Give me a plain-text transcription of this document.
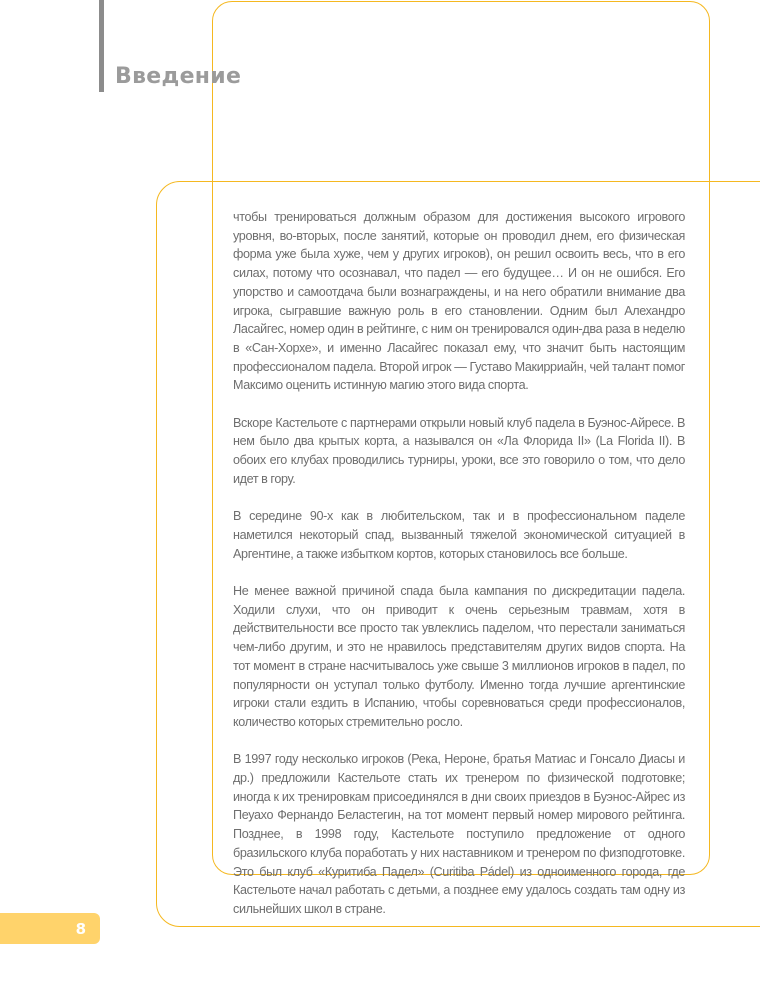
Введение

чтобы тренироваться должным образом для достижения высокого игрового уровня, во-вторых, после занятий, которые он проводил днем, его физическая форма уже была хуже, чем у других игроков), он решил освоить весь, что в его силах, потому что осознавал, что падел — его будущее… И он не ошибся. Его упорство и самоотдача были вознаграждены, и на него обратили внимание два игрока, сыгравшие важную роль в его становлении. Одним был Алехандро Ласайгес, номер один в рейтинге, с ним он тренировался один-два раза в неделю в «Сан-Хорхе», и именно Ласайгес показал ему, что значит быть настоящим профессионалом падела. Второй игрок — Густаво Макирриайн, чей талант помог Максимо оценить истинную магию этого вида спорта.

Вскоре Кастельоте с партнерами открыли новый клуб падела в Буэнос-Айресе. В нем было два крытых корта, а назывался он «Ла Флорида II» (La Florida II). В обоих его клубах проводились турниры, уроки, все это говорило о том, что дело идет в гору.

В середине 90-х как в любительском, так и в профессиональном паделе наметился некоторый спад, вызванный тяжелой экономической ситуацией в Аргентине, а также избытком кортов, которых становилось все больше.

Не менее важной причиной спада была кампания по дискредитации падела. Ходили слухи, что он приводит к очень серьезным травмам, хотя в действительности все просто так увлеклись паделом, что перестали заниматься чем-либо другим, и это не нравилось представителям других видов спорта. На тот момент в стране насчитывалось уже свыше 3 миллионов игроков в падел, по популярности он уступал только футболу. Именно тогда лучшие аргентинские игроки стали ездить в Испанию, чтобы соревноваться среди профессионалов, количество которых стремительно росло.

В 1997 году несколько игроков (Река, Нероне, братья Матиас и Гонсало Диасы и др.) предложили Кастельоте стать их тренером по физической подготовке; иногда к их тренировкам присоединялся в дни своих приездов в Буэнос-Айрес из Пеуахо Фернандо Беластегин, на тот момент первый номер мирового рейтинга. Позднее, в 1998 году, Кастельоте поступило предложение от одного бразильского клуба поработать у них наставником и тренером по физподготовке. Это был клуб «Куритиба Падел» (Curitiba Pádel) из одноименного города, где Кастельоте начал работать с детьми, а позднее ему удалось создать там одну из сильнейших школ в стране.

8
